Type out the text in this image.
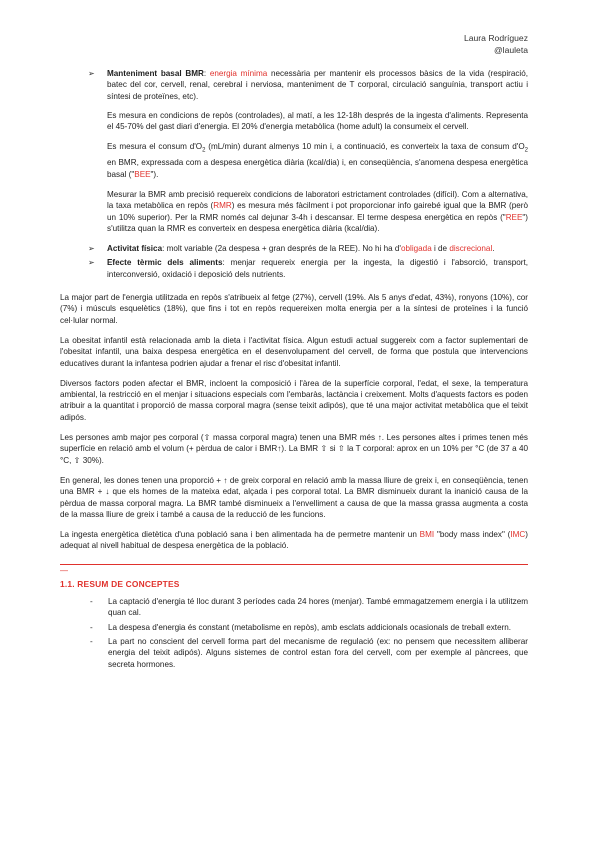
Laura Rodríguez
@lauleta
➢ Manteniment basal BMR: energia mínima necessària per mantenir els processos bàsics de la vida (respiració, batec del cor, cervell, renal, cerebral i nerviosa, manteniment de T corporal, circulació sanguínia, transport actiu i síntesi de proteïnes, etc).
Es mesura en condicions de repòs (controlades), al matí, a les 12-18h després de la ingesta d'aliments. Representa el 45-70% del gast diari d'energia. El 20% d'energia metabòlica (home adult) la consumeix el cervell.
Es mesura el consum $d'O_2$ (mL/min) durant almenys 10 min i, a continuació, es converteix la taxa de consum $d'O_2$ en BMR, expressada com a despesa energètica diària (kcal/dia) i, en conseqüència, s'anomena despesa energètica basal ("BEE").
Mesurar la BMR amb precisió requereix condicions de laboratori estrictament controlades (difícil). Com a alternativa, la taxa metabòlica en repòs (RMR) es mesura més fàcilment i pot proporcionar info gairebé igual que la BMR (però un 10% superior). Per la RMR només cal dejunar 3-4h i descansar. El terme despesa energètica en repòs ("REE") s'utilitza quan la RMR es converteix en despesa energètica diària (kcal/dia).
➢ Activitat física: molt variable (2a despesa + gran després de la REE). No hi ha d'obligada i de discrecional.
➢ Efecte tèrmic dels aliments: menjar requereix energia per la ingesta, la digestió i l'absorció, transport, interconversió, oxidació i deposició dels nutrients.
La major part de l'energia utilitzada en repòs s'atribueix al fetge (27%), cervell (19%. Als 5 anys d'edat, 43%), ronyons (10%), cor (7%) i músculs esquelètics (18%), que fins i tot en repòs requereixen molta energia per a la síntesi de proteïnes i la funció cel·lular normal.
La obesitat infantil està relacionada amb la dieta i l'activitat física. Algun estudi actual suggereix com a factor suplementari de l'obesitat infantil, una baixa despesa energètica en el desenvolupament del cervell, de forma que postula que intervencions educatives durant la infantesa podrien ajudar a frenar el risc d'obesitat infantil.
Diversos factors poden afectar el BMR, incloent la composició i l'àrea de la superfície corporal, l'edat, el sexe, la temperatura ambiental, la restricció en el menjar i situacions especials com l'embaràs, lactància i creixement. Molts d'aquests factors es poden atribuir a la quantitat i proporció de massa corporal magra (sense teixit adipós), que té una major activitat metabòlica que el teixit adipós.
Les persones amb major pes corporal (⇧ massa corporal magra) tenen una BMR més ↑. Les persones altes i primes tenen més superfície en relació amb el volum (+ pèrdua de calor i BMR↑). La BMR ⇧ si ⇧ la T corporal: aprox en un 10% per °C (de 37 a 40 °C, ⇧ 30%).
En general, les dones tenen una proporció + ↑ de greix corporal en relació amb la massa lliure de greix i, en conseqüència, tenen una BMR + ↓ que els homes de la mateixa edat, alçada i pes corporal total. La BMR disminueix durant la inanició causa de la pèrdua de massa corporal magra. La BMR també disminueix a l'envelliment a causa de que la massa grassa augmenta a costa de la massa lliure de greix i també a causa de la reducció de les funcions.
La ingesta energètica dietètica d'una població sana i ben alimentada ha de permetre mantenir un BMI "body mass index" (IMC) adequat al nivell habitual de despesa energètica de la població.
—
1.1. RESUM DE CONCEPTES
- La captació d'energia té lloc durant 3 períodes cada 24 hores (menjar). També emmagatzemem energia i la utilitzem quan cal.
- La despesa d'energia és constant (metabolisme en repòs), amb esclats addicionals ocasionals de treball extern.
- La part no conscient del cervell forma part del mecanisme de regulació (ex: no pensem que necessitem alliberar energia del teixit adipós). Alguns sistemes de control estan fora del cervell, com per exemple al pàncrees, que secreta hormones.
